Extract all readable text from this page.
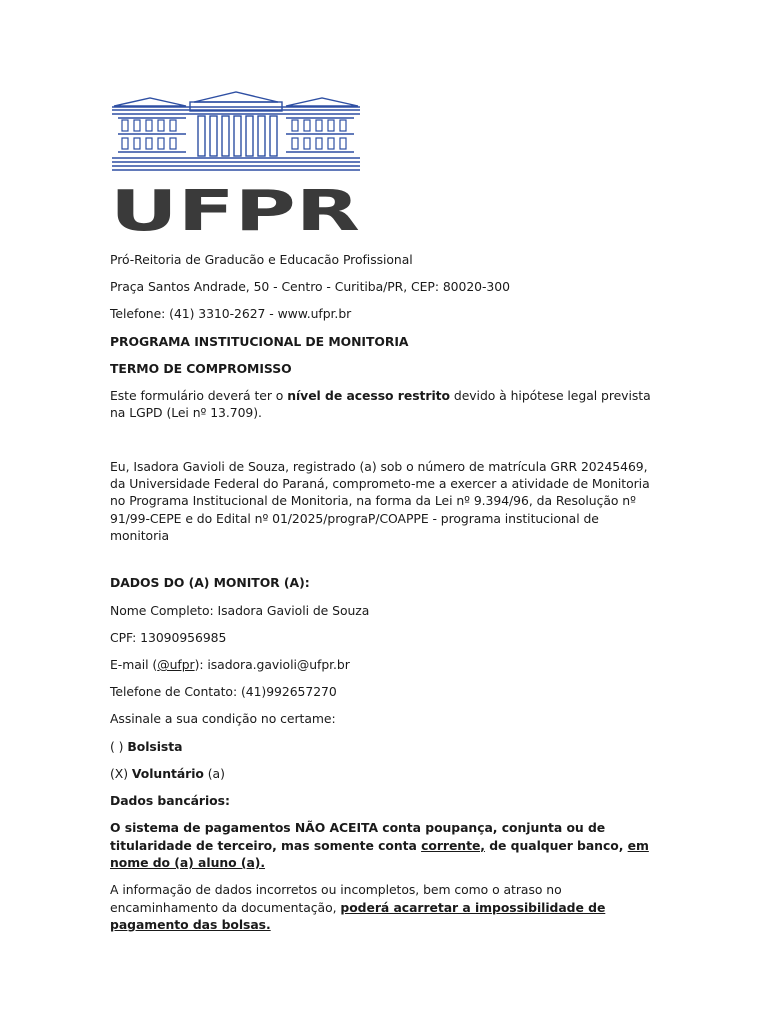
UFPR

Pró-Reitoria de Graducão e Educacão Profissional

Praça Santos Andrade, 50 - Centro - Curitiba/PR, CEP: 80020-300

Telefone: (41) 3310-2627 - www.ufpr.br

PROGRAMA INSTITUCIONAL DE MONITORIA

TERMO DE COMPROMISSO

Este formulário deverá ter o nível de acesso restrito devido à hipótese legal prevista na LGPD (Lei nº 13.709).

Eu, Isadora Gavioli de Souza, registrado (a) sob o número de matrícula GRR 20245469, da Universidade Federal do Paraná, comprometo-me a exercer a atividade de Monitoria no Programa Institucional de Monitoria, na forma da Lei nº 9.394/96, da Resolução nº 91/99-CEPE e do Edital nº 01/2025/prograP/COAPPE - programa institucional de monitoria

DADOS DO (A) MONITOR (A):

Nome Completo: Isadora Gavioli de Souza

CPF: 13090956985

E-mail (@ufpr): isadora.gavioli@ufpr.br

Telefone de Contato: (41)992657270

Assinale a sua condição no certame:

( ) Bolsista

(X) Voluntário (a)

Dados bancários:

O sistema de pagamentos NÃO ACEITA conta poupança, conjunta ou de titularidade de terceiro, mas somente conta corrente, de qualquer banco, em nome do (a) aluno (a).

A informação de dados incorretos ou incompletos, bem como o atraso no encaminhamento da documentação, poderá acarretar a impossibilidade de pagamento das bolsas.
